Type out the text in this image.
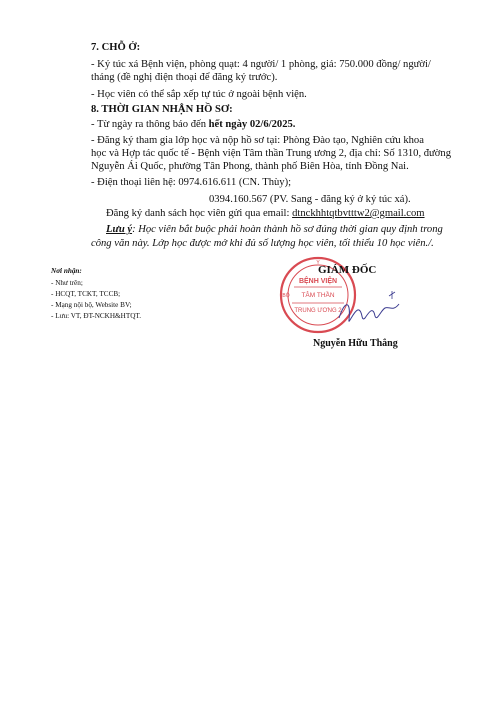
7. CHỖ Ở:
- Ký túc xá Bệnh viện, phòng quạt: 4 người/ 1 phòng, giá: 750.000 đồng/ người/
tháng (đề nghị điện thoại để đăng ký trước).
- Học viên có thể sắp xếp tự túc ở ngoài bệnh viện.
8. THỜI GIAN NHẬN HỒ SƠ:
- Từ ngày ra thông báo đến hết ngày 02/6/2025.
- Đăng ký tham gia lớp học và nộp hồ sơ tại: Phòng Đào tạo, Nghiên cứu khoa
học và Hợp tác quốc tế - Bệnh viện Tâm thần Trung ương 2, địa chỉ: Số 1310, đường
Nguyễn Ái Quốc, phường Tân Phong, thành phố Biên Hòa, tỉnh Đồng Nai.
- Điện thoại liên hệ: 0974.616.611 (CN. Thùy);
0394.160.567 (PV. Sang - đăng ký ở ký túc xá).
Đăng ký danh sách học viên gửi qua email: dtnckhhtqtbvtttw2@gmail.com
Lưu ý: Học viên bắt buộc phải hoàn thành hồ sơ đúng thời gian quy định trong
công văn này. Lớp học được mở khi đủ số lượng học viên, tối thiểu 10 học viên./.
Nơi nhận:
- Như trên;
- HCQT, TCKT, TCCB;
- Mạng nội bộ, Website BV;
- Lưu: VT, ĐT-NCKH&HTQT.
Y
BỘ
BỆNH VIỆN
TÂM THẦN
TRUNG ƯƠNG 2
GIÁM ĐỐC
Nguyễn Hữu Thắng
